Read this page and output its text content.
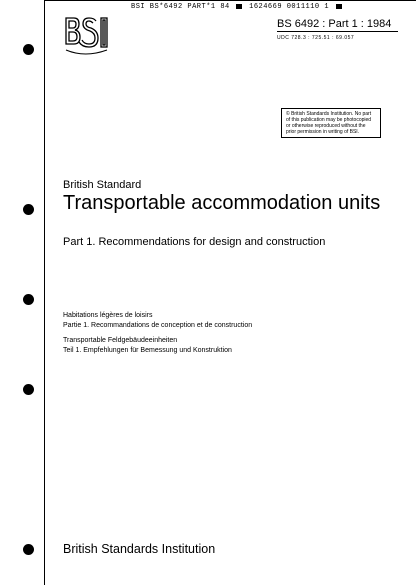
BSI BS*6492 PART*1 84	1624669 0011110 1
BSI
BS 6492 : Part 1 : 1984
UDC 728.3 : 725.51 : 69.057
© British Standards Institution. No part
of this publication may be photocopied
or otherwise reproduced without the
prior permission in writing of BSI.
British Standard
Transportable accommodation units
Part 1. Recommendations for design and construction
Habitations légères de loisirs
Partie 1. Recommandations de conception et de construction
Transportable Feldgebäudeeinheiten
Teil 1. Empfehlungen für Bemessung und Konstruktion
British Standards Institution
